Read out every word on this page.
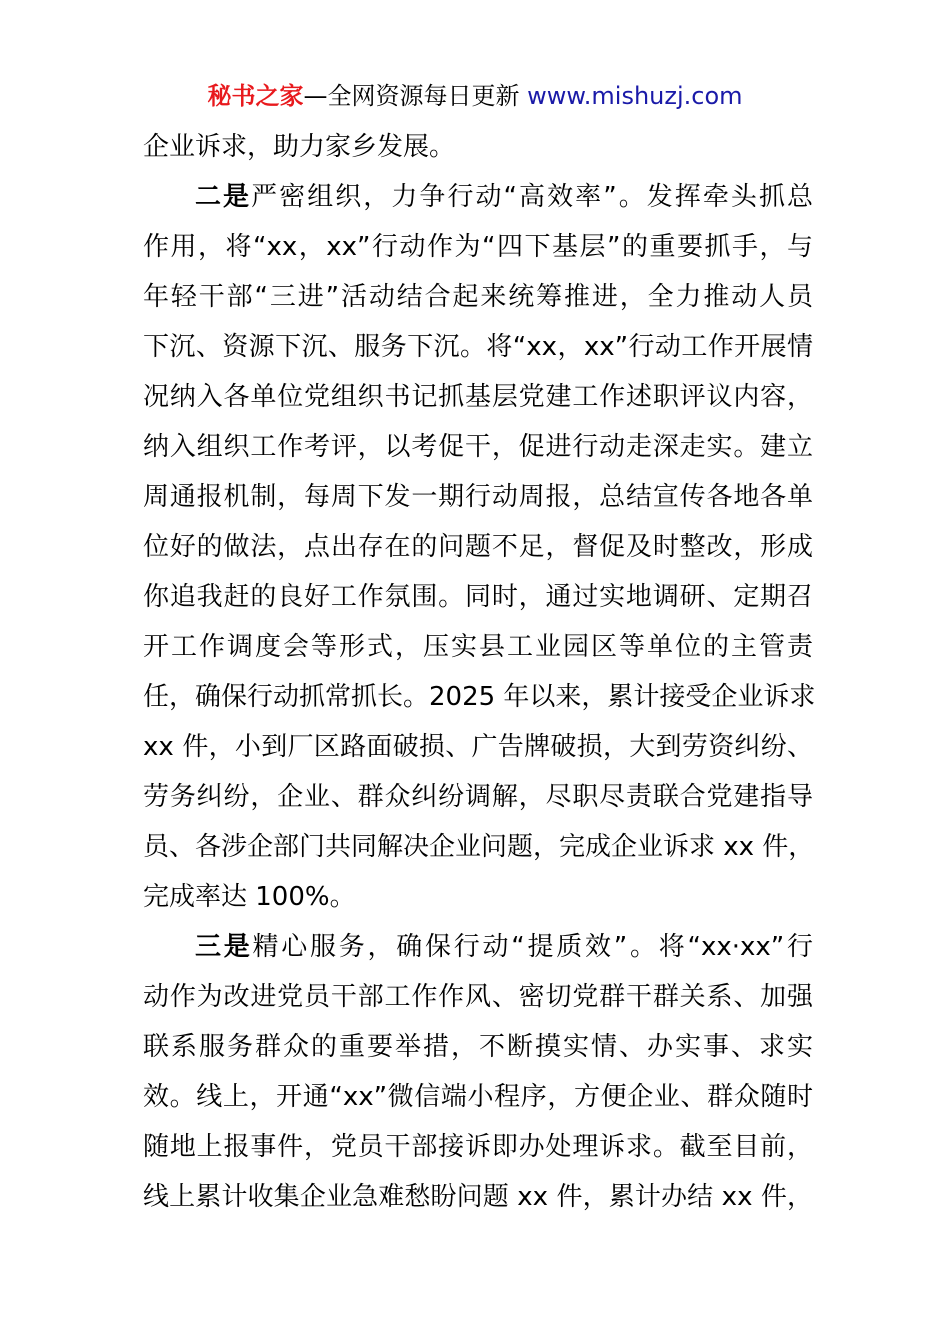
秘书之家—全网资源每日更新 www.mishuzj.com
企业诉求，助力家乡发展。
二是严密组织，力争行动“高效率”。发挥牵头抓总
作用，将“xx，xx”行动作为“四下基层”的重要抓手，与
年轻干部“三进”活动结合起来统筹推进，全力推动人员
下沉、资源下沉、服务下沉。将“xx，xx”行动工作开展情
况纳入各单位党组织书记抓基层党建工作述职评议内容，
纳入组织工作考评，以考促干，促进行动走深走实。建立
周通报机制，每周下发一期行动周报，总结宣传各地各单
位好的做法，点出存在的问题不足，督促及时整改，形成
你追我赶的良好工作氛围。同时，通过实地调研、定期召
开工作调度会等形式，压实县工业园区等单位的主管责
任，确保行动抓常抓长。2025 年以来，累计接受企业诉求
xx 件，小到厂区路面破损、广告牌破损，大到劳资纠纷、
劳务纠纷，企业、群众纠纷调解，尽职尽责联合党建指导
员、各涉企部门共同解决企业问题，完成企业诉求 xx 件，
完成率达 100%。
三是精心服务，确保行动“提质效”。将“xx·xx”行
动作为改进党员干部工作作风、密切党群干群关系、加强
联系服务群众的重要举措，不断摸实情、办实事、求实
效。线上，开通“xx”微信端小程序，方便企业、群众随时
随地上报事件，党员干部接诉即办处理诉求。截至目前，
线上累计收集企业急难愁盼问题 xx 件，累计办结 xx 件，
